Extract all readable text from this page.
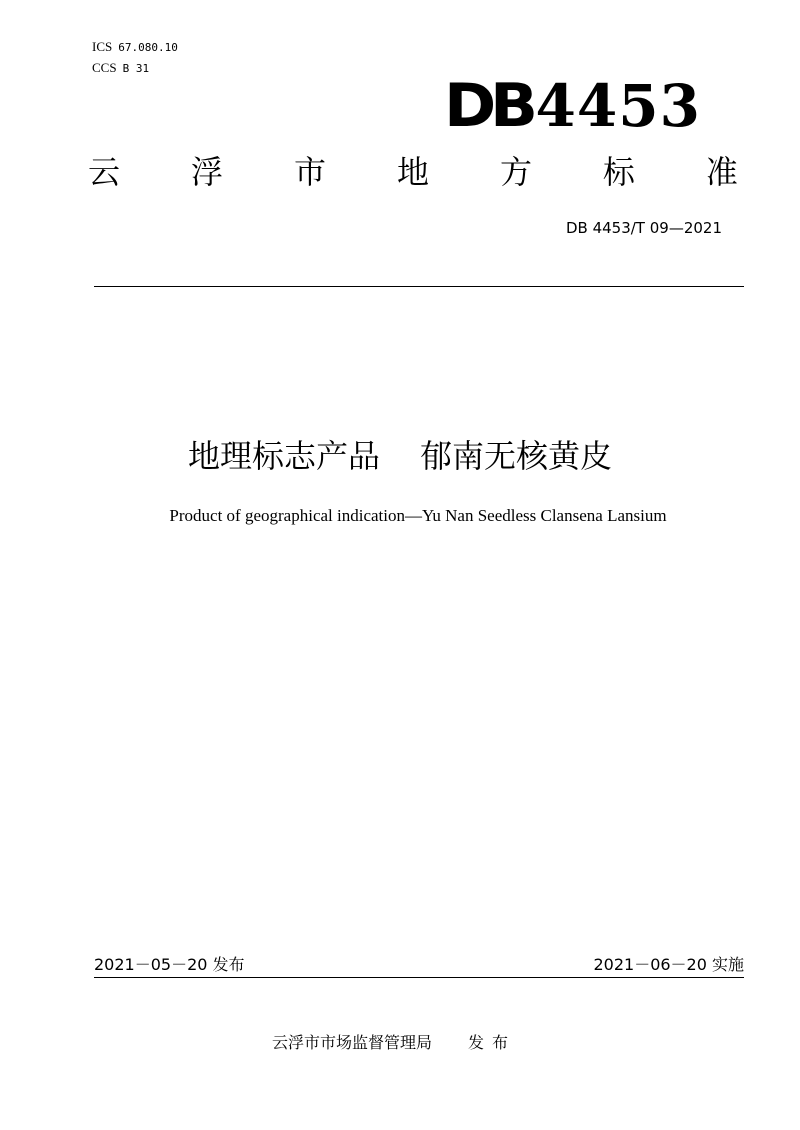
ICS 67.080.10
CCS B 31
DB 4453
云 浮 市 地 方 标 准
DB 4453/T 09—2021
地理标志产品 郁南无核黄皮
Product of geographical indication—Yu Nan Seedless Clansena Lansium
2021－05－20 发布	2021－06－20 实施
云浮市市场监督管理局 发布
